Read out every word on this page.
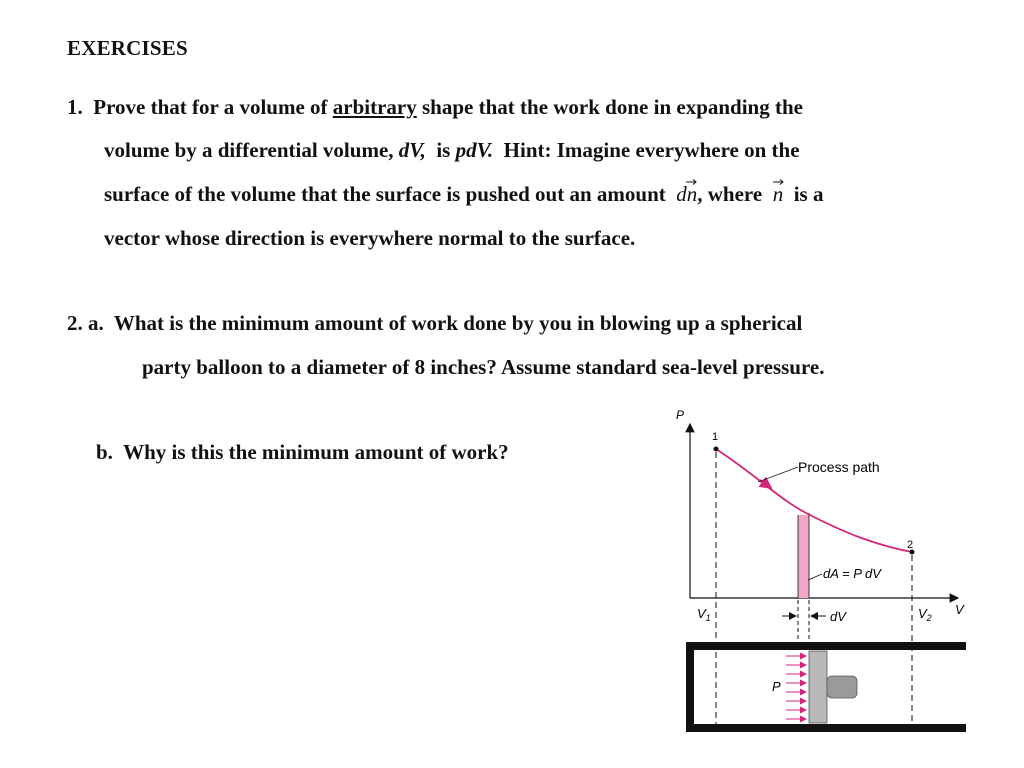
EXERCISES
1. Prove that for a volume of arbitrary shape that the work done in expanding the
volume by a differential volume, dV, is pdV. Hint: Imagine everywhere on the
surface of the volume that the surface is pushed out an amount dn
, where n is a
vector whose direction is everywhere normal to the surface.
2. a. What is the minimum amount of work done by you in blowing up a spherical
party balloon to a diameter of 8 inches? Assume standard sea-level pressure.
b. Why is this the minimum amount of work?
P
V
1
2
Process path
dA = P dV
$V_1$	$V_2$
dV
P
